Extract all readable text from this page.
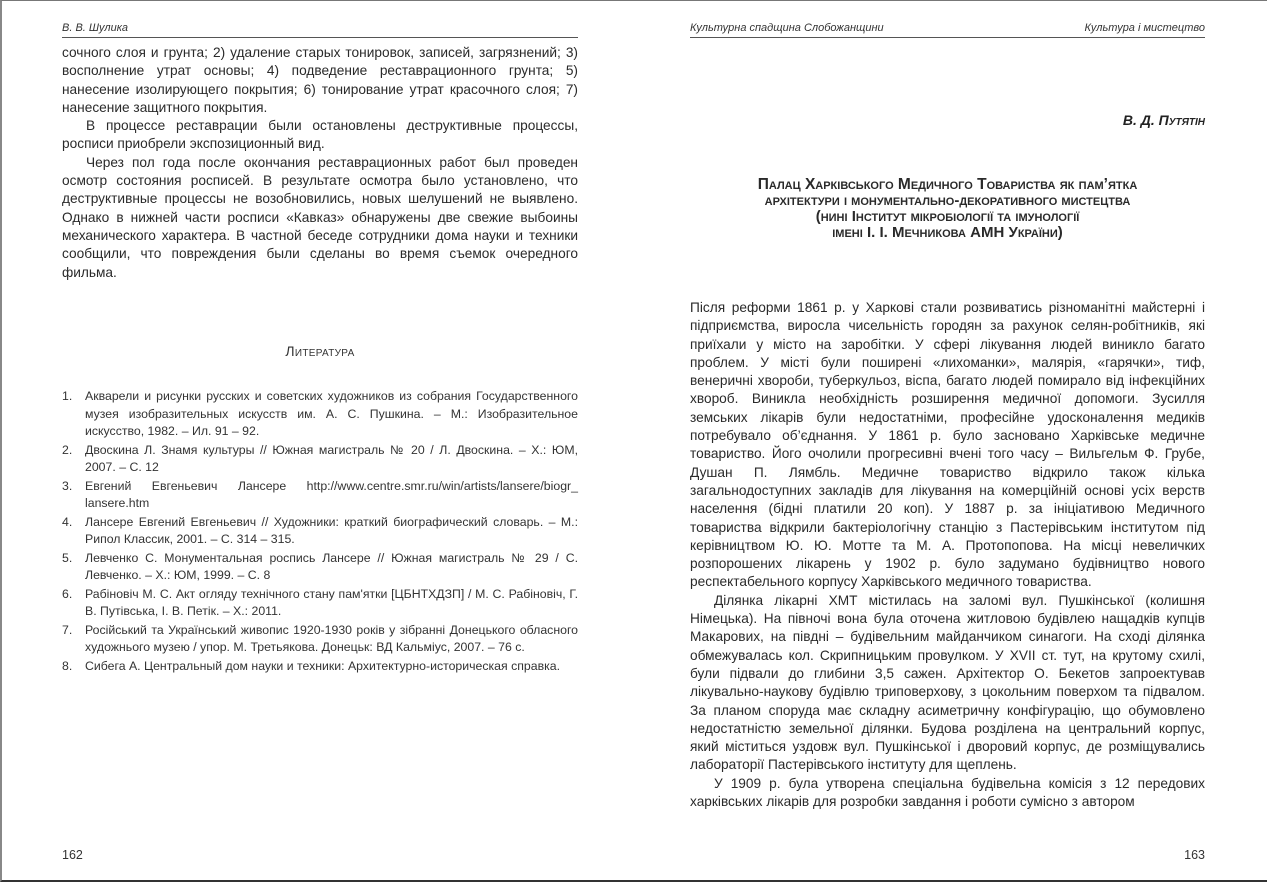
В. В. Шулика

сочного слоя и грунта; 2) удаление старых тонировок, записей, загрязнений; 3) восполнение утрат основы; 4) подведение реставрационного грунта; 5) нанесение изолирующего покрытия; 6) тонирование утрат красочного слоя; 7) нанесение защитного покрытия.

В процессе реставрации были остановлены деструктивные процессы, росписи приобрели экспозиционный вид.

Через пол года после окончания реставрационных работ был проведен осмотр состояния росписей. В результате осмотра было установлено, что деструктивные процессы не возобновились, новых шелушений не выявлено. Однако в нижней части росписи «Кавказ» обнаружены две свежие выбоины механического характера. В частной беседе сотрудники дома науки и техники сообщили, что повреждения были сделаны во время съемок очередного фильма.

Литература
1. Акварели и рисунки русских и советских художников из собрания Государственного музея изобразительных искусств им. А. С. Пушкина. – М.: Изобразительное искусство, 1982. – Ил. 91 – 92.
2. Двоскина Л. Знамя культуры // Южная магистраль № 20 / Л. Двоскина. – Х.: ЮМ, 2007. – С. 12
3. Евгений Евгеньевич Лансере http://www.centre.smr.ru/win/artists/lansere/biogr_ lansere.htm
4. Лансере Евгений Евгеньевич // Художники: краткий биографический словарь. – М.: Рипол Классик, 2001. – С. 314 – 315.
5. Левченко С. Монументальная роспись Лансере // Южная магистраль № 29 / С. Левченко. – Х.: ЮМ, 1999. – С. 8
6. Рабіновіч М. С. Акт огляду технічного стану пам'ятки [ЦБНТХДЗП] / М. С. Рабіновіч, Г. В. Путівська, І. В. Петік. – Х.: 2011.
7. Російський та Український живопис 1920-1930 років у зібранні Донецького обласного художнього музею / упор. М. Третьякова. Донецьк: ВД Кальміус, 2007. – 76 с.
8. Сибега А. Центральный дом науки и техники: Архитектурно-историческая справка.
162
Культурна спадщина Слобожанщини	Культура і мистецтво
В. Д. Путятін
Палац Харківського Медичного Товариства як пам’ятка
архітектури і монументально-декоративного мистецтва
(нині Інститут мікробіології та імунології
імені І. І. Мечникова АМН України)

Після реформи 1861 р. у Харкові стали розвиватись різноманітні майстерні і підприємства, виросла чисельність городян за рахунок селян-робітників, які приїхали у місто на заробітки. У сфері лікування людей виникло багато проблем. У місті були поширені «лихоманки», малярія, «гарячки», тиф, венеричні хвороби, туберкульоз, віспа, багато людей помирало від інфекційних хвороб. Виникла необхідність розширення медичної допомоги. Зусилля земських лікарів були недостатніми, професійне удосконалення медиків потребувало об’єднання. У 1861 р. було засновано Харківське медичне товариство. Його очолили прогресивні вчені того часу – Вильгельм Ф. Грубе, Душан П. Лямбль. Медичне товариство відкрило також кілька загальнодоступних закладів для лікування на комерційній основі усіх верств населення (бідні платили 20 коп). У 1887 р. за ініціативою Медичного товариства відкрили бактеріологічну станцію з Пастерівським інститутом під керівництвом Ю. Ю. Мотте та М. А. Протопопова. На місці невеличких розпорошених лікарень у 1902 р. було задумано будівництво нового респектабельного корпусу Харківського медичного товариства.

Ділянка лікарні ХМТ містилась на заломі вул. Пушкінської (колишня Німецька). На півночі вона була оточена житловою будівлею нащадків купців Макарових, на півдні – будівельним майданчиком синагоги. На сході ділянка обмежувалась кол. Скрипницьким провулком. У XVII ст. тут, на крутому схилі, були підвали до глибини 3,5 сажен. Архітектор О. Бекетов запроектував лікувально-наукову будівлю триповерхову, з цокольним поверхом та підвалом. За планом споруда має складну асиметричну конфігурацію, що обумовлено недостатністю земельної ділянки. Будова розділена на центральний корпус, який міститься уздовж вул. Пушкінської і дворовий корпус, де розміщувались лабораторії Пастерівського інституту для щеплень.

У 1909 р. була утворена спеціальна будівельна комісія з 12 передових харківських лікарів для розробки завдання і роботи сумісно з автором

163
